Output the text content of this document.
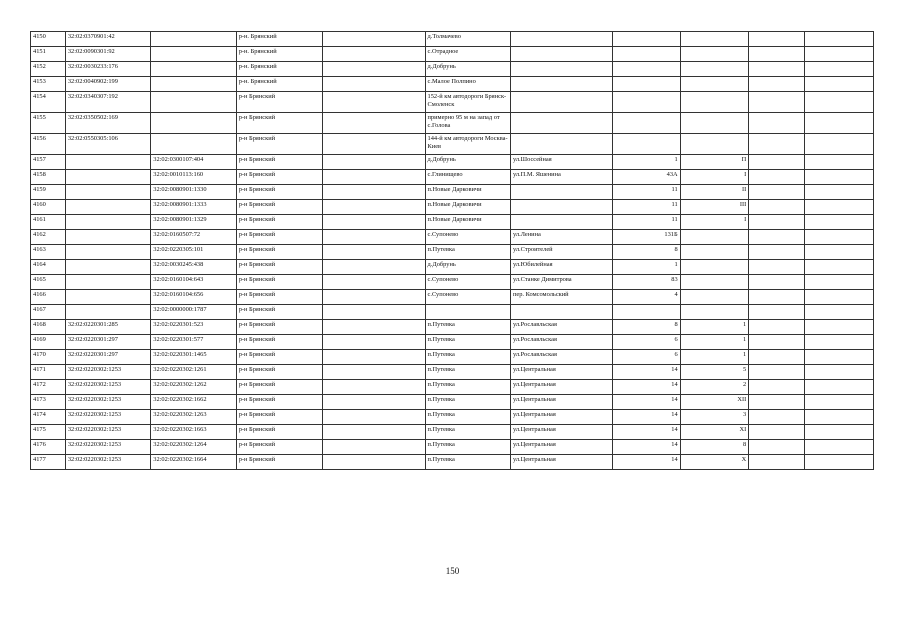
4150	32:02:0370901:42		р-н. Брянский		д.Толмачево					
4151	32:02:0090301:92		р-н. Брянский		с.Отрадное					
4152	32:02:0030233:176		р-н. Брянский		д.Добрунь					
4153	32:02:0040902:199		р-н. Брянский		с.Малое Полпино					
4154	32:02:0340307:192		р-н Брянский		152-й км автодороги Брянск-Смоленск					
4155	32:02:0350502:169		р-н Брянский		примерно 95 м на запад от с.Голова					
4156	32:02:0550305:106		р-н Брянский		144-й км автодороги Москва-Киев					
4157		32:02:0300107:404	р-н Брянский		д.Добрунь	ул.Шоссейная	1	П		
4158		32:02:0010113:160	р-н Брянский		с.Глинищево	ул.П.М. Яшенина	43А	I		
4159		32:02:0080901:1330	р-н Брянский		п.Новые Дарковичи		11	II		
4160		32:02:0080901:1333	р-н Брянский		п.Новые Дарковичи		11	III		
4161		32:02:0080901:1329	р-н Брянский		п.Новые Дарковичи		11	I		
4162		32:02:0160507:72	р-н Брянский		с.Супонево	ул.Ленина	131Б			
4163		32:02:0220305:101	р-н Брянский		п.Путевка	ул.Строителей	8			
4164		32:02:0030245:438	р-н Брянский		д.Добрунь	ул.Юбилейная	1			
4165		32:02:0160104:643	р-н Брянский		с.Супонево	ул.Станке Димитрова	83			
4166		32:02:0160104:656	р-н Брянский		с.Супонево	пер. Комсомольский	4			
4167		32:02:0000000:1787	р-н Брянский							
4168	32:02:0220301:285	32:02:0220301:523	р-н Брянский		п.Путевка	ул.Рославльская	8	1		
4169	32:02:0220301:297	32:02:0220301:577	р-н Брянский		п.Путевка	ул.Рославльская	6	1		
4170	32:02:0220301:297	32:02:0220301:1465	р-н Брянский		п.Путевка	ул.Рославльская	6	1		
4171	32:02:0220302:1253	32:02:0220302:1261	р-н Брянский		п.Путевка	ул.Центральная	14	5		
4172	32:02:0220302:1253	32:02:0220302:1262	р-н Брянский		п.Путевка	ул.Центральная	14	2		
4173	32:02:0220302:1253	32:02:0220302:1662	р-н Брянский		п.Путевка	ул.Центральная	14	XII		
4174	32:02:0220302:1253	32:02:0220302:1263	р-н Брянский		п.Путевка	ул.Центральная	14	3		
4175	32:02:0220302:1253	32:02:0220302:1663	р-н Брянский		п.Путевка	ул.Центральная	14	XI		
4176	32:02:0220302:1253	32:02:0220302:1264	р-н Брянский		п.Путевка	ул.Центральная	14	8		
4177	32:02:0220302:1253	32:02:0220302:1664	р-н Брянский		п.Путевка	ул.Центральная	14	X		
150
